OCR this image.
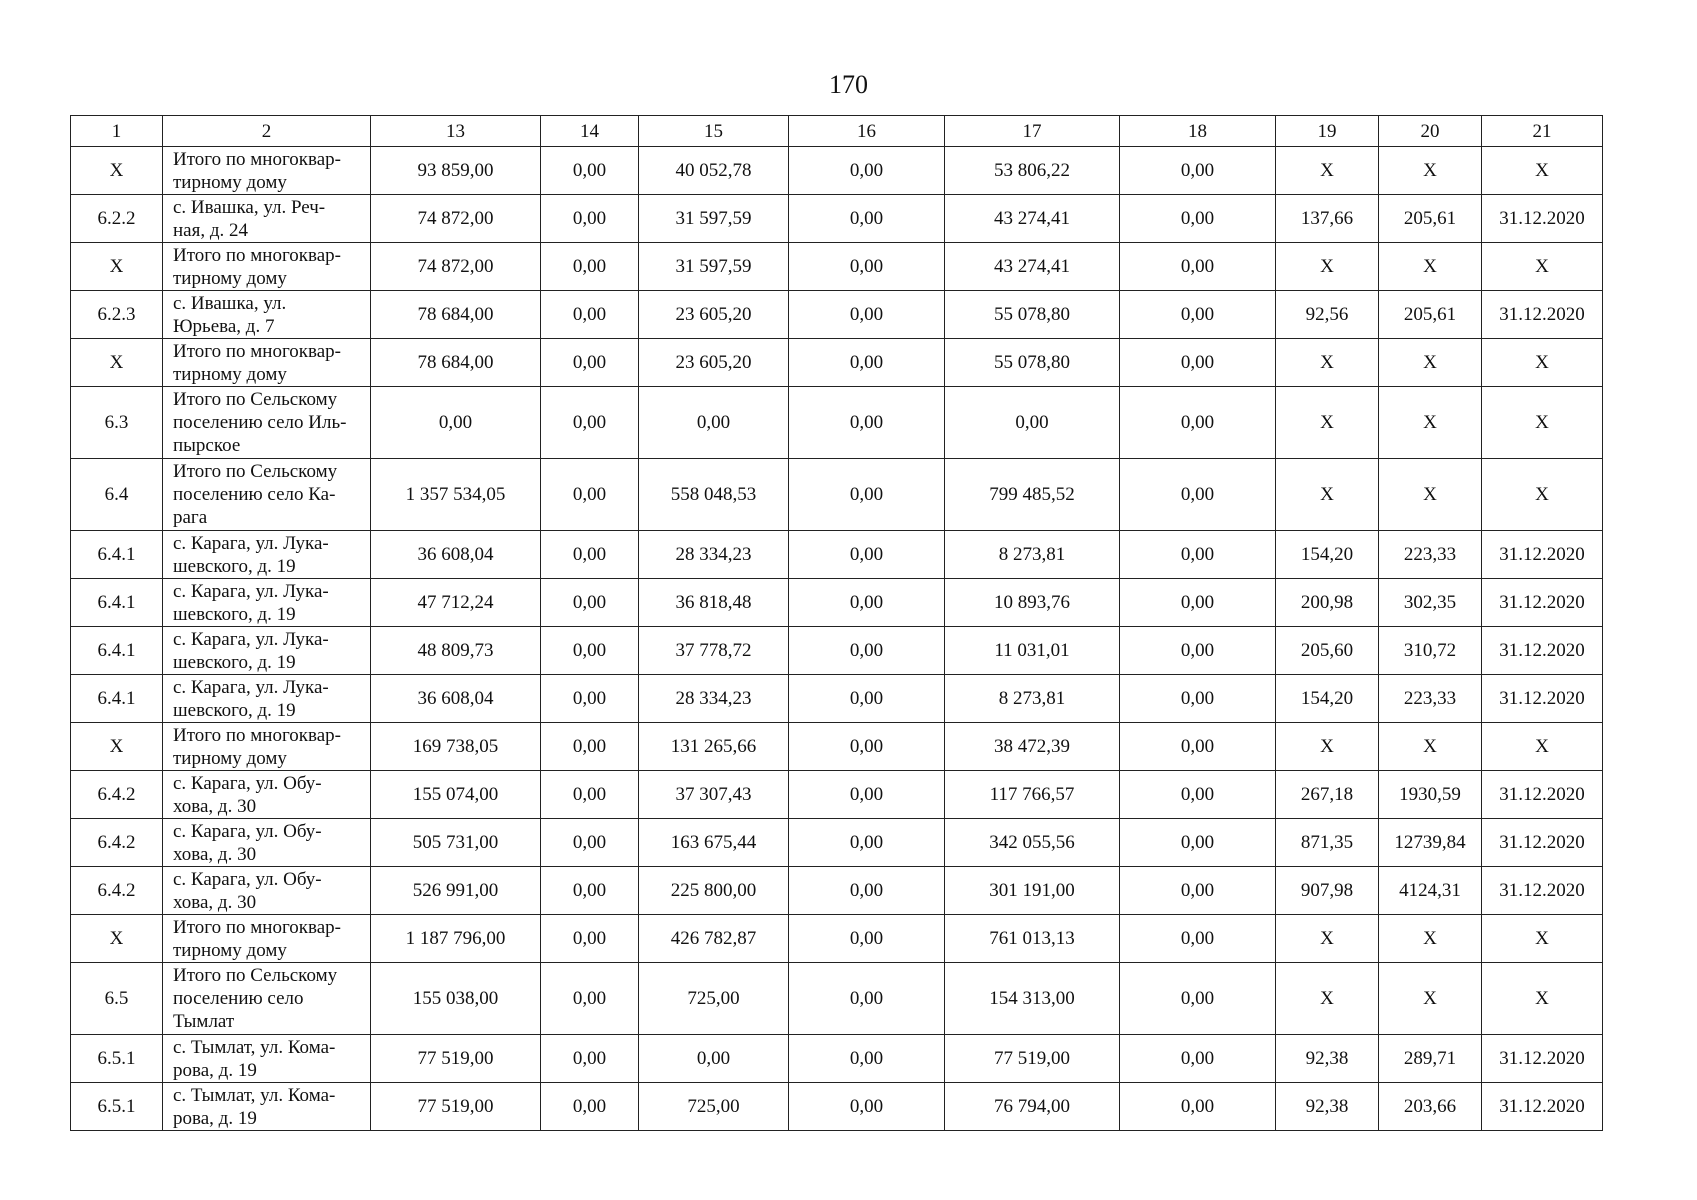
170
1	2	13	14	15	16	17	18	19	20	21
Х	Итого по многоквар-
тирному дому	93 859,00	0,00	40 052,78	0,00	53 806,22	0,00	Х	Х	Х
6.2.2	с. Ивашка, ул. Реч-
ная, д. 24	74 872,00	0,00	31 597,59	0,00	43 274,41	0,00	137,66	205,61	31.12.2020
Х	Итого по многоквар-
тирному дому	74 872,00	0,00	31 597,59	0,00	43 274,41	0,00	Х	Х	Х
6.2.3	с. Ивашка, ул.
Юрьева, д. 7	78 684,00	0,00	23 605,20	0,00	55 078,80	0,00	92,56	205,61	31.12.2020
Х	Итого по многоквар-
тирному дому	78 684,00	0,00	23 605,20	0,00	55 078,80	0,00	Х	Х	Х
6.3	Итого по Сельскому
поселению село Иль-
пырское	0,00	0,00	0,00	0,00	0,00	0,00	Х	Х	Х
6.4	Итого по Сельскому
поселению село Ка-
рага	1 357 534,05	0,00	558 048,53	0,00	799 485,52	0,00	Х	Х	Х
6.4.1	с. Карага, ул. Лука-
шевского, д. 19	36 608,04	0,00	28 334,23	0,00	8 273,81	0,00	154,20	223,33	31.12.2020
6.4.1	с. Карага, ул. Лука-
шевского, д. 19	47 712,24	0,00	36 818,48	0,00	10 893,76	0,00	200,98	302,35	31.12.2020
6.4.1	с. Карага, ул. Лука-
шевского, д. 19	48 809,73	0,00	37 778,72	0,00	11 031,01	0,00	205,60	310,72	31.12.2020
6.4.1	с. Карага, ул. Лука-
шевского, д. 19	36 608,04	0,00	28 334,23	0,00	8 273,81	0,00	154,20	223,33	31.12.2020
Х	Итого по многоквар-
тирному дому	169 738,05	0,00	131 265,66	0,00	38 472,39	0,00	Х	Х	Х
6.4.2	с. Карага, ул. Обу-
хова, д. 30	155 074,00	0,00	37 307,43	0,00	117 766,57	0,00	267,18	1930,59	31.12.2020
6.4.2	с. Карага, ул. Обу-
хова, д. 30	505 731,00	0,00	163 675,44	0,00	342 055,56	0,00	871,35	12739,84	31.12.2020
6.4.2	с. Карага, ул. Обу-
хова, д. 30	526 991,00	0,00	225 800,00	0,00	301 191,00	0,00	907,98	4124,31	31.12.2020
Х	Итого по многоквар-
тирному дому	1 187 796,00	0,00	426 782,87	0,00	761 013,13	0,00	Х	Х	Х
6.5	Итого по Сельскому
поселению село
Тымлат	155 038,00	0,00	725,00	0,00	154 313,00	0,00	Х	Х	Х
6.5.1	с. Тымлат, ул. Кома-
рова, д. 19	77 519,00	0,00	0,00	0,00	77 519,00	0,00	92,38	289,71	31.12.2020
6.5.1	с. Тымлат, ул. Кома-
рова, д. 19	77 519,00	0,00	725,00	0,00	76 794,00	0,00	92,38	203,66	31.12.2020
